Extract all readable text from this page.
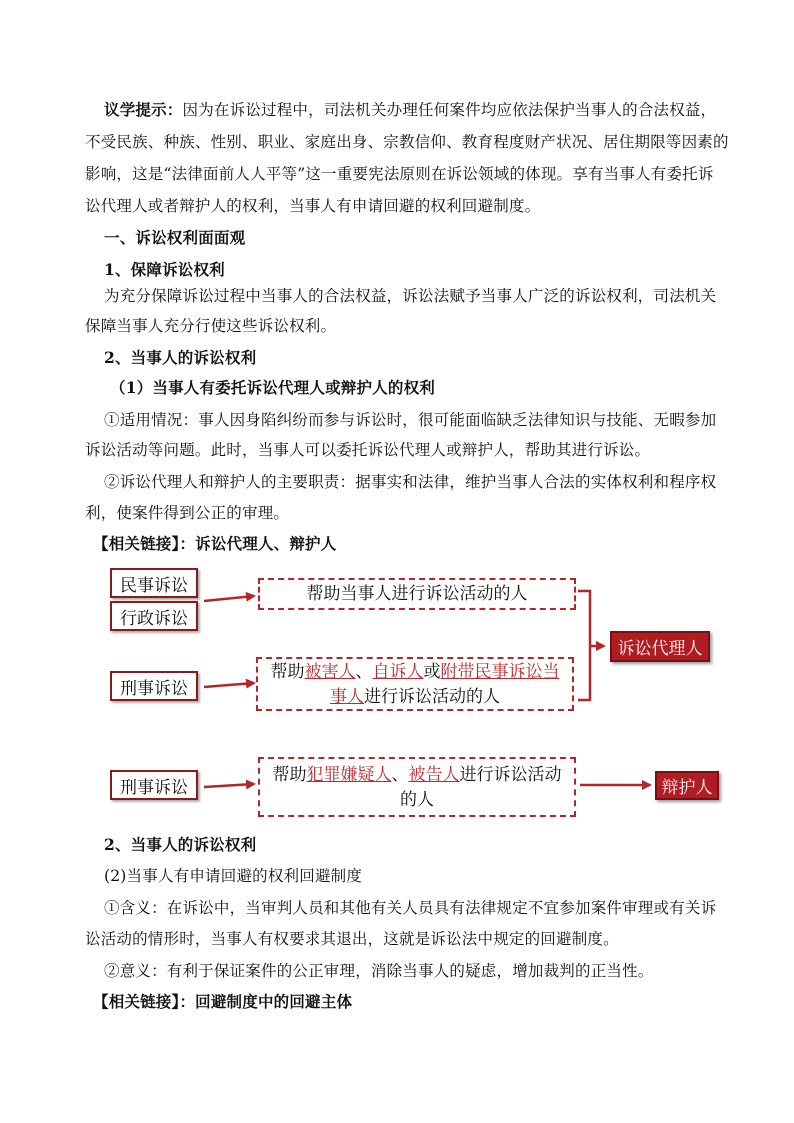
议学提示：因为在诉讼过程中，司法机关办理任何案件均应依法保护当事人的合法权益，
不受民族、种族、性别、职业、家庭出身、宗教信仰、教育程度财产状况、居住期限等因素的
影响，这是“法律面前人人平等”这一重要宪法原则在诉讼领域的体现。享有当事人有委托诉
讼代理人或者辩护人的权利，当事人有申请回避的权利回避制度。
一、诉讼权利面面观
1、保障诉讼权利
为充分保障诉讼过程中当事人的合法权益，诉讼法赋予当事人广泛的诉讼权利，司法机关
保障当事人充分行使这些诉讼权利。
2、当事人的诉讼权利
（1）当事人有委托诉讼代理人或辩护人的权利
①适用情况：事人因身陷纠纷而参与诉讼时，很可能面临缺乏法律知识与技能、无暇参加
诉讼活动等问题。此时，当事人可以委托诉讼代理人或辩护人，帮助其进行诉讼。
②诉讼代理人和辩护人的主要职责：据事实和法律，维护当事人合法的实体权利和程序权
利，使案件得到公正的审理。
【相关链接】：诉讼代理人、辩护人
民事诉讼
行政诉讼
刑事诉讼
刑事诉讼
帮助当事人进行诉讼活动的人
帮助被害人、自诉人或附带民事诉讼当
事人进行诉讼活动的人
帮助犯罪嫌疑人、被告人进行诉讼活动
的人
诉讼代理人
辩护人
2、当事人的诉讼权利
(2)当事人有申请回避的权利回避制度
①含义：在诉讼中，当审判人员和其他有关人员具有法律规定不宜参加案件审理或有关诉
讼活动的情形时，当事人有权要求其退出，这就是诉讼法中规定的回避制度。
②意义：有利于保证案件的公正审理，消除当事人的疑虑，增加裁判的正当性。
【相关链接】：回避制度中的回避主体
